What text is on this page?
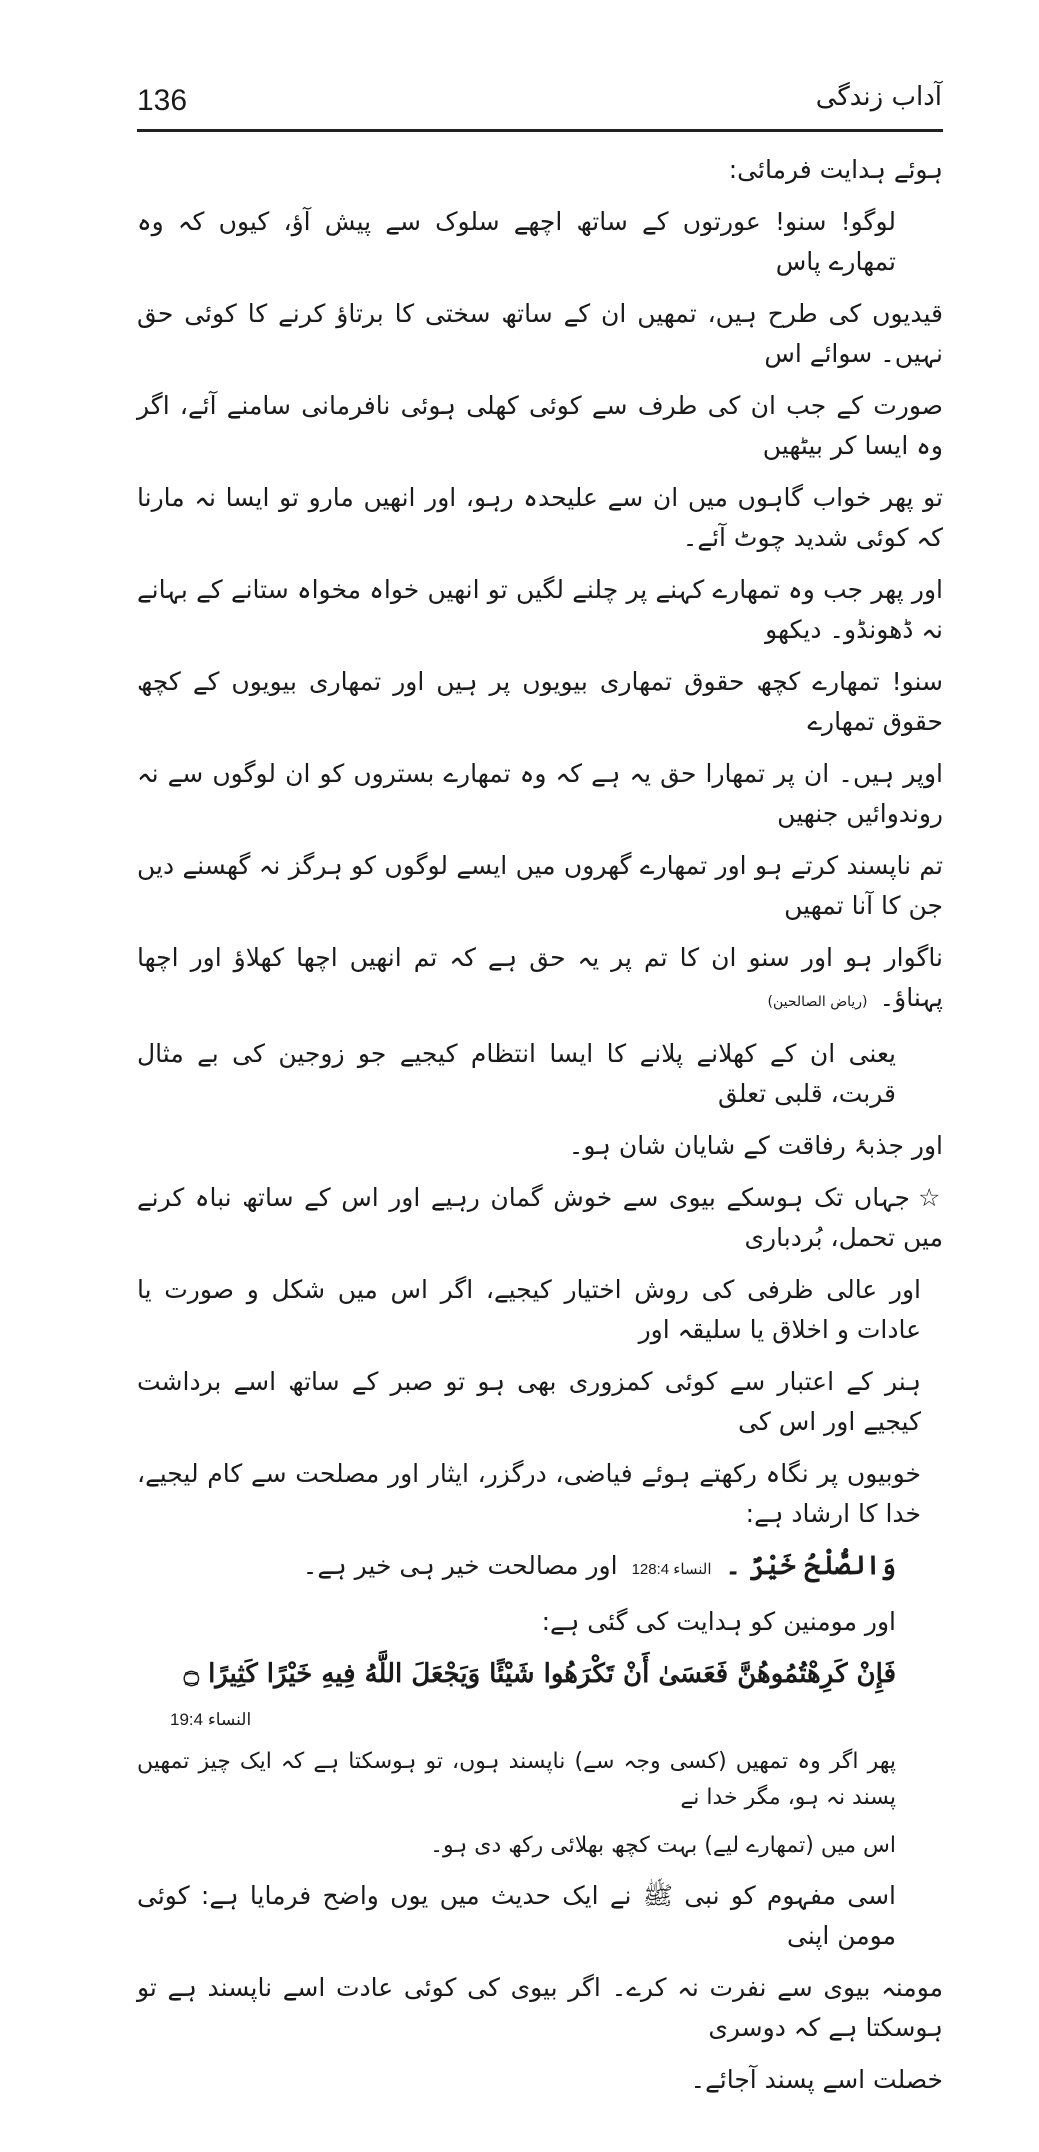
آداب زندگی
136
ہوئے ہدایت فرمائی:
لوگو! سنو! عورتوں کے ساتھ اچھے سلوک سے پیش آؤ، کیوں کہ وہ تمھارے پاس
قیدیوں کی طرح ہیں، تمھیں ان کے ساتھ سختی کا برتاؤ کرنے کا کوئی حق نہیں۔ سوائے اس
صورت کے جب ان کی طرف سے کوئی کھلی ہوئی نافرمانی سامنے آئے، اگر وہ ایسا کر بیٹھیں
تو پھر خواب گاہوں میں ان سے علیحدہ رہو، اور انھیں مارو تو ایسا نہ مارنا کہ کوئی شدید چوٹ آئے۔
اور پھر جب وہ تمھارے کہنے پر چلنے لگیں تو انھیں خواہ مخواہ ستانے کے بہانے نہ ڈھونڈو۔ دیکھو
سنو! تمھارے کچھ حقوق تمھاری بیویوں پر ہیں اور تمھاری بیویوں کے کچھ حقوق تمھارے
اوپر ہیں۔ ان پر تمھارا حق یہ ہے کہ وہ تمھارے بستروں کو ان لوگوں سے نہ روندوائیں جنھیں
تم ناپسند کرتے ہو اور تمھارے گھروں میں ایسے لوگوں کو ہرگز نہ گھسنے دیں جن کا آنا تمھیں
ناگوار ہو اور سنو ان کا تم پر یہ حق ہے کہ تم انھیں اچھا کھلاؤ اور اچھا پہناؤ۔(ریاض الصالحین)
یعنی ان کے کھلانے پلانے کا ایسا انتظام کیجیے جو زوجین کی بے مثال قربت، قلبی تعلق
اور جذبۂ رفاقت کے شایان شان ہو۔
☆جہاں تک ہوسکے بیوی سے خوش گمان رہیے اور اس کے ساتھ نباہ کرنے میں تحمل، بُردباری
اور عالی ظرفی کی روش اختیار کیجیے، اگر اس میں شکل و صورت یا عادات و اخلاق یا سلیقہ اور
ہنر کے اعتبار سے کوئی کمزوری بھی ہو تو صبر کے ساتھ اسے برداشت کیجیے اور اس کی
خوبیوں پر نگاہ رکھتے ہوئے فیاضی، درگزر، ایثار اور مصلحت سے کام لیجیے، خدا کا ارشاد ہے:
وَالصُّلْحُ خَيْرٌ ۔النساء 128:4اور مصالحت خیر ہی خیر ہے۔
اور مومنین کو ہدایت کی گئی ہے:
فَإِنْ كَرِهْتُمُوهُنَّ فَعَسَىٰ أَنْ تَكْرَهُوا شَيْئًا وَيَجْعَلَ اللَّهُ فِيهِ خَيْرًا كَثِيرًا ۝
النساء 19:4
پھر اگر وہ تمھیں (کسی وجہ سے) ناپسند ہوں، تو ہوسکتا ہے کہ ایک چیز تمھیں پسند نہ ہو، مگر خدا نے
اس میں (تمھارے لیے) بہت کچھ بھلائی رکھ دی ہو۔
اسی مفہوم کو نبی ﷺ نے ایک حدیث میں یوں واضح فرمایا ہے: کوئی مومن اپنی
مومنہ بیوی سے نفرت نہ کرے۔ اگر بیوی کی کوئی عادت اسے ناپسند ہے تو ہوسکتا ہے کہ دوسری
خصلت اسے پسند آجائے۔
